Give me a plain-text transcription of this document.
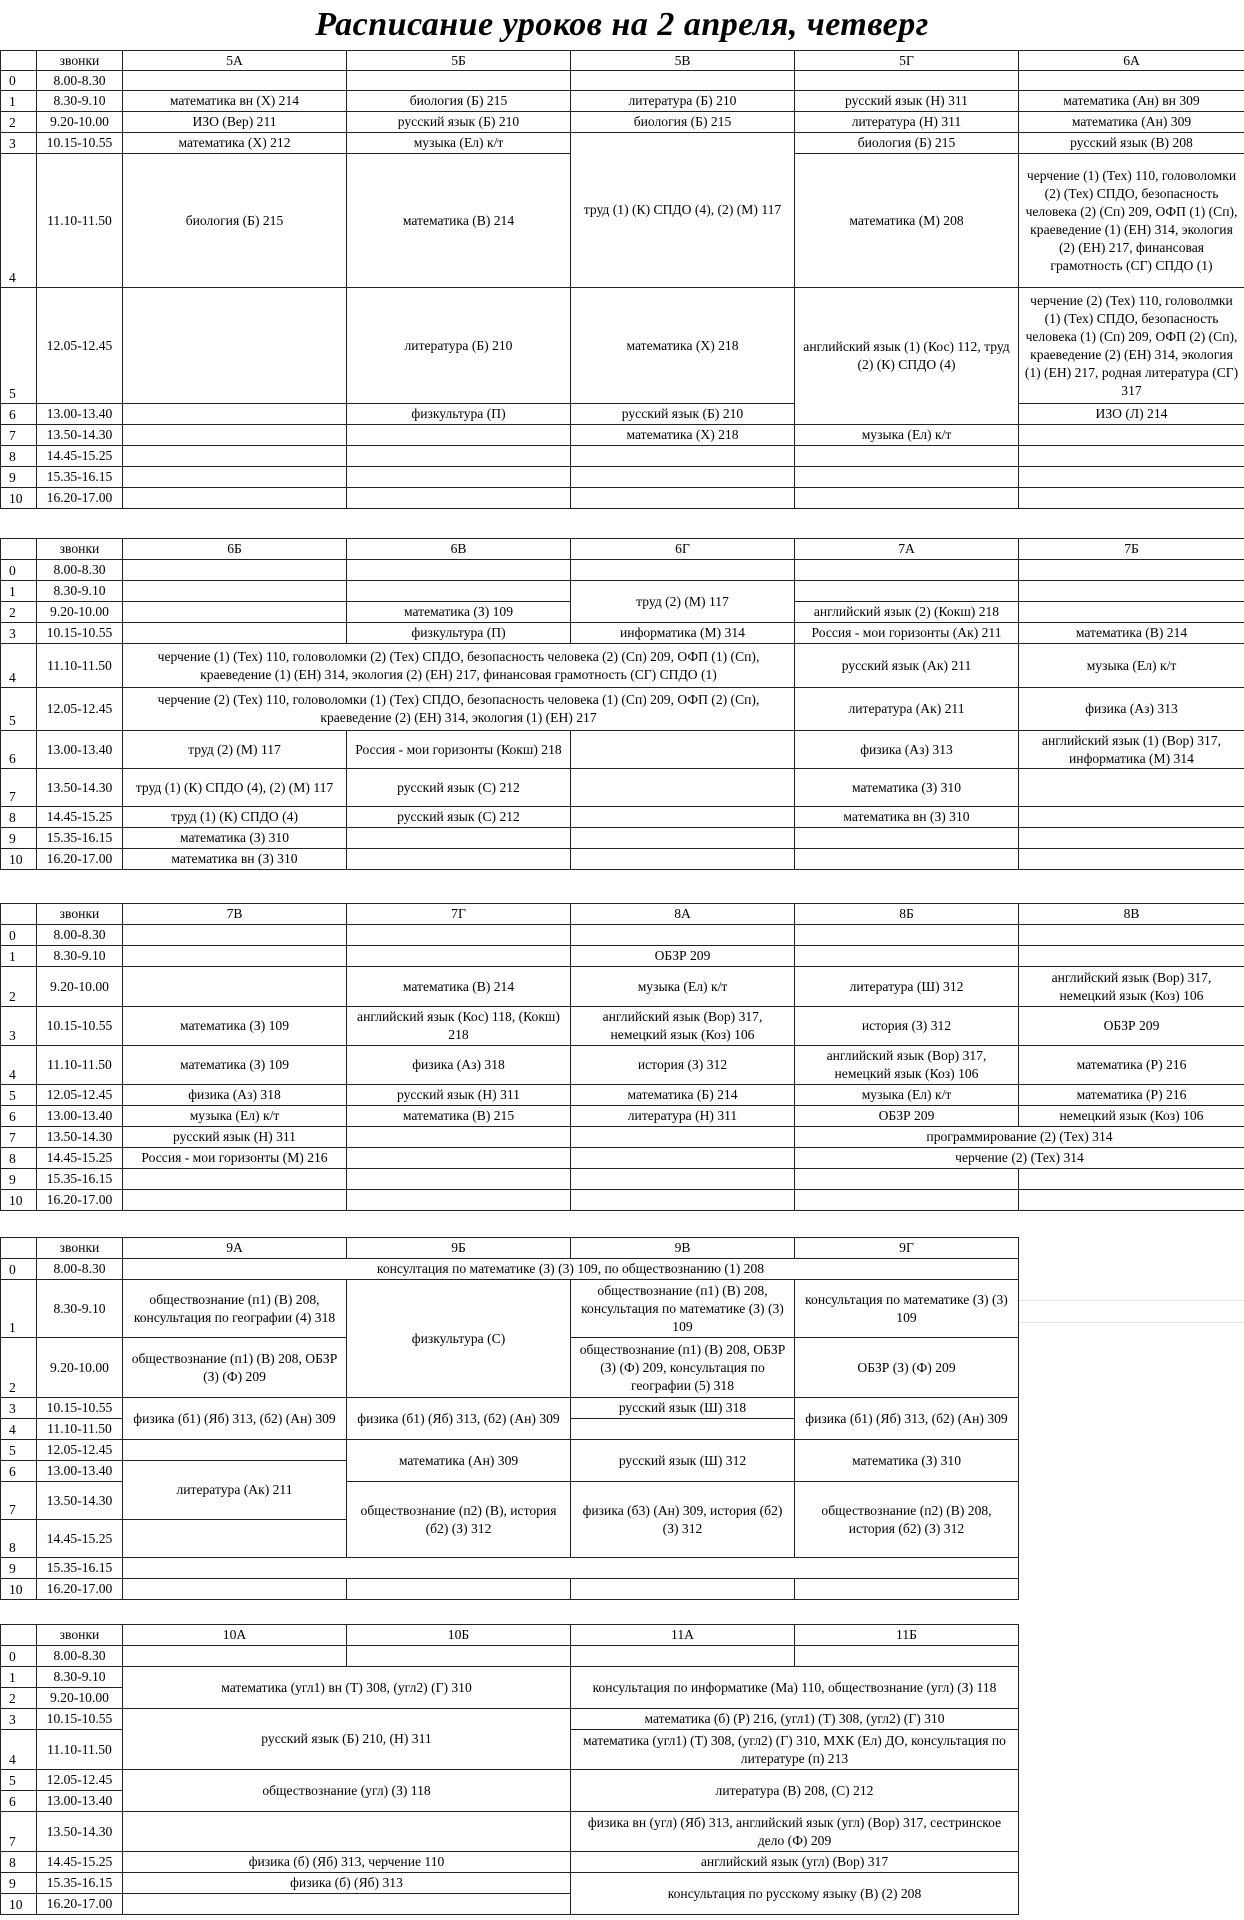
Расписание уроков на 2 апреля, четверг
	звонки	5А	5Б	5В	5Г	6А
0	8.00-8.30					
1	8.30-9.10	математика вн (Х) 214	биология (Б) 215	литература (Б) 210	русский язык (Н) 311	математика (Ан) вн 309
2	9.20-10.00	ИЗО (Вер) 211	русский язык (Б) 210	биология (Б) 215	литература (Н) 311	математика (Ан) 309
3	10.15-10.55	математика (Х) 212	музыка (Ел) к/т	труд (1) (К) СПДО (4), (2) (М) 117	биология (Б) 215	русский язык (В) 208
4	11.10-11.50	биология (Б) 215	математика (В) 214		математика (М) 208	черчение (1) (Тех) 110, головоломки (2) (Тех) СПДО, безопасность человека (2) (Сп) 209, ОФП (1) (Сп), краеведение (1) (ЕН) 314, экология (2) (ЕН) 217, финансовая грамотность (СГ) СПДО (1)
5	12.05-12.45		литература (Б) 210	математика (Х) 218	английский язык (1) (Кос) 112, труд (2) (К) СПДО (4)	черчение (2) (Тех) 110, головолмки (1) (Тех) СПДО, безопасность человека (1) (Сп) 209, ОФП (2) (Сп), краеведение (2) (ЕН) 314, экология (1) (ЕН) 217, родная литература (СГ) 317
6	13.00-13.40		физкультура (П)	русский язык (Б) 210		ИЗО (Л) 214
7	13.50-14.30			математика (Х) 218	музыка (Ел) к/т	
8	14.45-15.25					
9	15.35-16.15					
10	16.20-17.00					
	звонки	6Б	6В	6Г	7А	7Б
0	8.00-8.30					
1	8.30-9.10			труд (2) (М) 117		
2	9.20-10.00		математика (З) 109		английский язык (2) (Кокш) 218	
3	10.15-10.55		физкультура (П)	информатика (М) 314	Россия - мои горизонты (Ак) 211	математика (В) 214
4	11.10-11.50	черчение (1) (Тех) 110, головоломки (2) (Тех) СПДО, безопасность человека (2) (Сп) 209, ОФП (1) (Сп), краеведение (1) (ЕН) 314, экология (2) (ЕН) 217, финансовая грамотность (СГ) СПДО (1)			русский язык (Ак) 211	музыка (Ел) к/т
5	12.05-12.45	черчение (2) (Тех) 110, головоломки (1) (Тех) СПДО, безопасность человека (1) (Сп) 209, ОФП (2) (Сп), краеведение (2) (ЕН) 314, экология (1) (ЕН) 217			литература (Ак) 211	физика (Аз) 313
6	13.00-13.40	труд (2) (М) 117	Россия - мои горизонты (Кокш) 218		физика (Аз) 313	английский язык (1) (Вор) 317, информатика (М) 314
7	13.50-14.30	труд (1) (К) СПДО (4), (2) (М) 117	русский язык (С) 212		математика (З) 310	
8	14.45-15.25	труд (1) (К) СПДО (4)	русский язык (С) 212		математика вн (З) 310	
9	15.35-16.15	математика (З) 310				
10	16.20-17.00	математика вн (З) 310				
	звонки	7В	7Г	8А	8Б	8В
0	8.00-8.30					
1	8.30-9.10			ОБЗР 209		
2	9.20-10.00		математика (В) 214	музыка (Ел) к/т	литература (Ш) 312	английский язык (Вор) 317, немецкий язык (Коз) 106
3	10.15-10.55	математика (З) 109	английский язык (Кос) 118, (Кокш) 218	английский язык (Вор) 317, немецкий язык (Коз) 106	история (З) 312	ОБЗР 209
4	11.10-11.50	математика (З) 109	физика (Аз) 318	история (З) 312	английский язык (Вор) 317, немецкий язык (Коз) 106	математика (Р) 216
5	12.05-12.45	физика (Аз) 318	русский язык (Н) 311	математика (Б) 214	музыка (Ел) к/т	математика (Р) 216
6	13.00-13.40	музыка (Ел) к/т	математика (В) 215	литература (Н) 311	ОБЗР 209	немецкий язык (Коз) 106
7	13.50-14.30	русский язык (Н) 311			программирование (2) (Тех) 314	
8	14.45-15.25	Россия - мои горизонты (М) 216			черчение (2) (Тех) 314	
9	15.35-16.15					
10	16.20-17.00					
	звонки	9А	9Б	9В	9Г
0	8.00-8.30	консултация по математике (З) (3) 109, по обществознанию (1) 208			
1	8.30-9.10	обществознание (п1) (В) 208, консультация по географии (4) 318	физкультура (С)	обществознание (п1) (В) 208, консультация по математике (З) (3) 109	консультация по математике (З) (3) 109
2	9.20-10.00	обществознание (п1) (В) 208, ОБЗР (З) (Ф) 209		обществознание (п1) (В) 208, ОБЗР (З) (Ф) 209, консультация по географии (5) 318	ОБЗР (З) (Ф) 209
3	10.15-10.55	физика (б1) (Яб) 313, (б2) (Ан) 309	физика (б1) (Яб) 313, (б2) (Ан) 309	русский язык (Ш) 318	физика (б1) (Яб) 313, (б2) (Ан) 309
4	11.10-11.50				
5	12.05-12.45		математика (Ан) 309	русский язык (Ш) 312	математика (З) 310
6	13.00-13.40	литература (Ак) 211			
7	13.50-14.30		обществознание (п2) (В), история (б2) (З) 312	физика (б3) (Ан) 309, история (б2) (З) 312	обществознание (п2) (В) 208, история (б2) (З) 312
8	14.45-15.25				
9	15.35-16.15				
10	16.20-17.00				
	звонки	10А	10Б	11А	11Б
0	8.00-8.30				
1	8.30-9.10	математика (угл1) вн (Т) 308, (угл2) (Г) 310		консультация по информатике (Ма) 110, обществознание (угл) (З) 118	
2	9.20-10.00				
3	10.15-10.55	русский язык (Б) 210, (Н) 311		математика (б) (Р) 216, (угл1) (Т) 308, (угл2) (Г) 310	
4	11.10-11.50			математика (угл1) (Т) 308, (угл2) (Г) 310, МХК (Ел) ДО, консультация по литературе (п) 213	
5	12.05-12.45	обществознание (угл) (З) 118		литература (В) 208, (С) 212	
6	13.00-13.40				
7	13.50-14.30			физика вн (угл) (Яб) 313, английский язык (угл) (Вор) 317, сестринское дело (Ф) 209	
8	14.45-15.25	физика (б) (Яб) 313, черчение 110		английский язык (угл) (Вор) 317	
9	15.35-16.15	физика (б) (Яб) 313		консультация по русскому языку (В) (2) 208	
10	16.20-17.00				
